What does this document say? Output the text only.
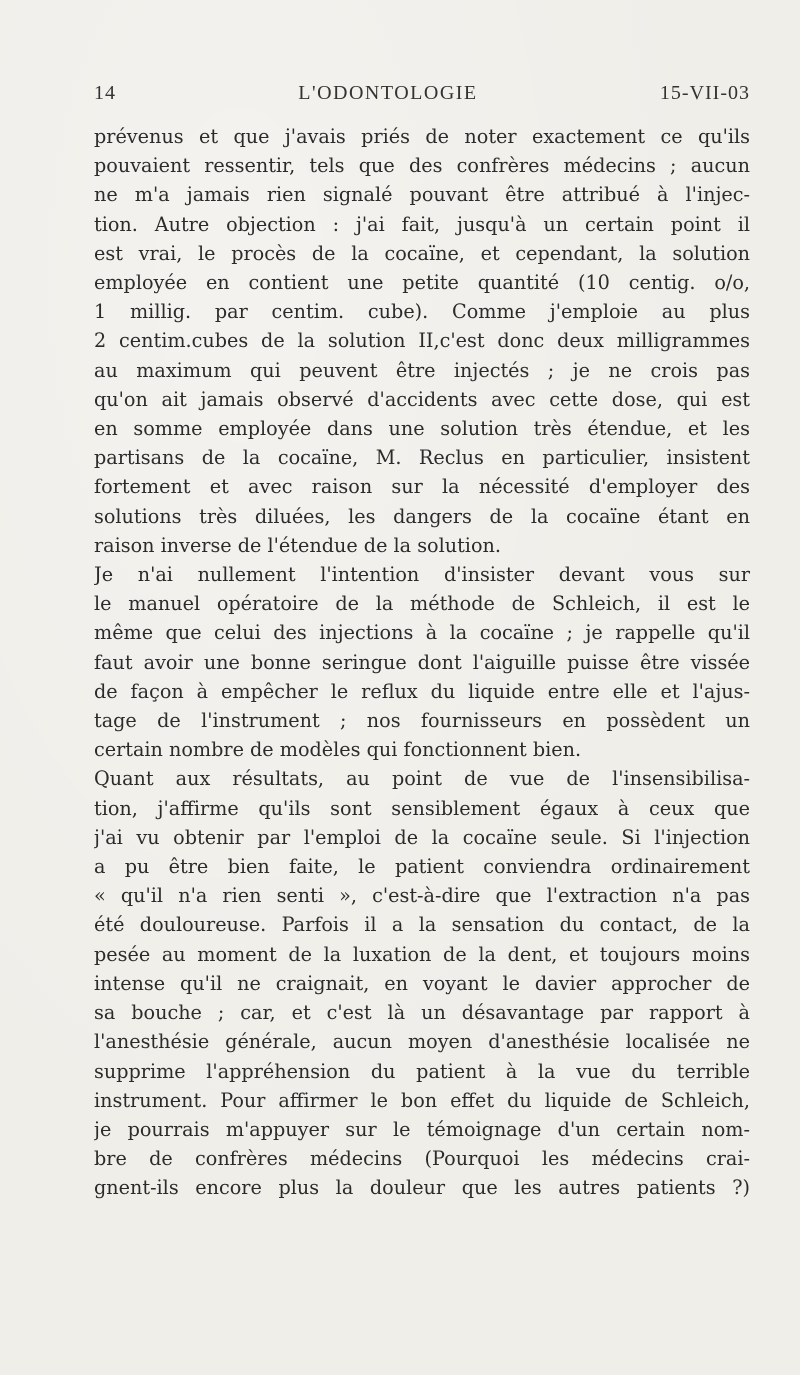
14	L'ODONTOLOGIE	15-VII-03

prévenus et que j'avais priés de noter exactement ce qu'ils
pouvaient ressentir, tels que des confrères médecins ; aucun
ne m'a jamais rien signalé pouvant être attribué à l'injec-
tion. Autre objection : j'ai fait, jusqu'à un certain point il
est vrai, le procès de la cocaïne, et cependant, la solution
employée en contient une petite quantité (10 centig. o/o,
1 millig. par centim. cube). Comme j'emploie au plus
2 centim.cubes de la solution II,c'est donc deux milligrammes
au maximum qui peuvent être injectés ; je ne crois pas
qu'on ait jamais observé d'accidents avec cette dose, qui est
en somme employée dans une solution très étendue, et les
partisans de la cocaïne, M. Reclus en particulier, insistent
fortement et avec raison sur la nécessité d'employer des
solutions très diluées, les dangers de la cocaïne étant en
raison inverse de l'étendue de la solution.

Je n'ai nullement l'intention d'insister devant vous sur
le manuel opératoire de la méthode de Schleich, il est le
même que celui des injections à la cocaïne ; je rappelle qu'il
faut avoir une bonne seringue dont l'aiguille puisse être vissée
de façon à empêcher le reflux du liquide entre elle et l'ajus-
tage de l'instrument ; nos fournisseurs en possèdent un
certain nombre de modèles qui fonctionnent bien.

Quant aux résultats, au point de vue de l'insensibilisa-
tion, j'affirme qu'ils sont sensiblement égaux à ceux que
j'ai vu obtenir par l'emploi de la cocaïne seule. Si l'injection
a pu être bien faite, le patient conviendra ordinairement
« qu'il n'a rien senti », c'est-à-dire que l'extraction n'a pas
été douloureuse. Parfois il a la sensation du contact, de la
pesée au moment de la luxation de la dent, et toujours moins
intense qu'il ne craignait, en voyant le davier approcher de
sa bouche ; car, et c'est là un désavantage par rapport à
l'anesthésie générale, aucun moyen d'anesthésie localisée ne
supprime l'appréhension du patient à la vue du terrible
instrument. Pour affirmer le bon effet du liquide de Schleich,
je pourrais m'appuyer sur le témoignage d'un certain nom-
bre de confrères médecins (Pourquoi les médecins crai-
gnent-ils encore plus la douleur que les autres patients ?)
